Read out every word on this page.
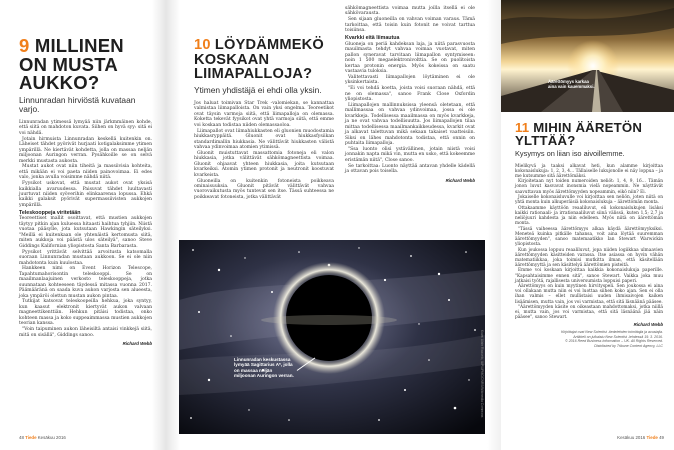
9 MILLINEN ON MUSTA AUKKO?
Linnunradan hirviöstä kuvataan varjo.

Linnunradan ytimessä lymyää niin järkmmäinen kohde, että siitä on mahdoton kuvata. Siihen on hyvä syy: sitä ei voi nähdä.

Jotain hirmuista Linnunradan keskellä kuitenkin on. Läheiset tähdet pyörivät hurjaati kotigalaksimme ytimen ympärillä. Ne kiertävät kohdetta, jolla on massaa neljän miljoonan Auringon verran. Pysähkoille se on selvä merkki mustasta aukosta.

Mustat aukot ovat niin tiheitä ja massiivisia kohteita, että mikään ei voi paeta niiden painovoimaa. Ei edes valo, jonka avulla voisimme nähdä niitä.

Fyysikot uskovat, että mustat aukot ovat yksisä kaikkialla avaruudessa. Paisuvat tähdet luultavasti juurtuvat niiden syöverihin elinkaarensa lopussa. Ehkä kaikki galaksit pyörivät supermassiivisten aukkojen ympärillä.

Teleskooppeja viritetään

Teoreettiset mallit osoittavat, että mustien aukkojen täytyy pitkin ajan kuluessa hitaasti haihtua tyhjiin. Niistä vuotaa pääsylle, jota kutsutaan Hawkingin säteilyksi. "Meillä ei kuitenkaan ole yhtenäistä kertomusta siitä, miten aukkoja voi päästä ulos säteilyä", sanoo Steve Giddings Kalifornian yliopistosta Santa Barbarasta.

Pyysikot yrittävät selvittää arvoitusta katsomalla suoraan Linnunradan mustaan aukkoon. Se ei ole niin mahdotonta kuin kuulostaa.

Hankkeen nimi on Event Horizon Telescope, Tapahtumahorisontin teleskooppi. Se on maailmanlaajuinen verkosto teleskooppeja, jotka suunnataan kohteeseen täydessä mitassa vuonna 2017. Päämääränä on saada kuva aukon varjosta sen alueesta, joka ympäröi olettun mustan aukon pintaa.

Tutkijat katsovat teleskoopeilla hehkua, joka syntyy, kun kaasut elektronit kiertyvät aukon valvaan magneettikenttiän. Hehkun pitäisi todistaa, onko kohteen massa ja koko suppeaimmassa mustien aukkojen teorian kanssa.

"Voin taipuminen aukon läheisiltä antaisi vinkkejä siitä, mitä on sisällä", Giddings sanoo.

Richard Webb
48 Tiede Kesäkuu 2016
10 LÖYDÄMMEKÖ KOSKAAN LIIMAPALLOJA?
Ytimen yhdistäjä ei ehdi olla yksin.

Jos haluat toimivan Star Trek -valomiekan, se kannattaa valmistaa liimapalloista. On vain yksi ongelma. Teoreetikot ovat täysin varmoja siitä, että liimapalloja on olemassa. Koketta tekevät fyysikot ovat yhtä varmoja siitä, että emme voi koskaan todistaa niiden olemassaoloa.

Liimapallot ovat liimahiukkasten eli gluonien muodostamia hiukkasryppäitä. Gluonit ovat hiukkasfysiikan standardimallin hiukkasia. Ne välittävät hiukkasten välistä vahvaa ydinvoimaa atomien ytimissä.

Gluonit muistuttavat massattomia fotoneja eli valon hiukkasia, jotka välittävät sähkömagneettista voimaa. Gluonit ohjaavat yhteen hiukkasia, joita kutsutaan kvarkeiksi. Atomin ytimen protonit ja neutronit koostuvat kvarkeista.

Gluoneilla on kuitenkin fotoneista poikkeava ominaisuuksia. Gluonit pitävät välittävät vahvaa vuorovaikutusta myös tuntevat sen itse. Tässä suhteessa ne poikkeavat fotoneista, jotka välittävät

sähkömagneettista voimaa mutta joilla itsellä ei ole sähkövarausta.

Sen sijaan gluoneilla on vahvan voiman varaus. Tämä tarkoittaa, että toisin kuin fotonit ne voivat tarttua toisiinsa.

Kvarkki eitä liimautua

Gluoneja on periä kahdeksan laja, ja niitä parasvuosta mauilmasta tehdyt vahvaa voimaa vuotavat, miten pallon syneravat tarvitaan liimapallon syntymiseen: noin 1 500 megaelektronivolttia. Se on puolitoista kertaa protonin energia. Myös kokeissa on saatu vastaavia tuloksia.

Valitettavasti liimapallojen löytäminen ei ole yksinkertaista.

"Ei voi tehdä koetta, joista voisi suoraan nähdä, että ne on olemassa", sanoo Frank Close Oxfordin yliopistosta.

Liimapallojen mallinnuksissa yleensä oletetaan, että mallimassaa on vahvaa ydinvoimaa, jossa ei ole kvarkkeja. Todellisessa maailmassa on myös kvarkkeja, ja ne ovat vahvaa todellisuutta. Jos liimapallojen tilaa mittaa todellisessa maailmankaikkeudessa, kvarkit ovat ja alkavat talettuvan mikä sekaan takaiset vaatteisiin. Siksi on lähes mahdotonta todistaa, että onnin on puhtaita liimapalloja.

"Ssa luonto olisi ystävällinen, jotain niistä voisi jonnakin napta mikä vin, mutta en usko, että kokeemme eristämän niitä", Close sanoo.

Se tarkoittaa: Luonto näyttää antavan yhdelle kädellä ja ottavan pois toisella.

Richard Webb
Linnunradan keskustassa lymyää Sagittarius A*, jolla on massaa neljän miljoonan Auringon verran.	Kuva: Alain Riazuelo, IAP/UPMC/CNRS/Wikimedia Commons
Äärettömyys karkaa aina vain kauemmaksi.
11 MIHIN ÄÄRETÖN YLTTÄÄ?
Kysymys on liian iso aivoillemme.

Mielikyvä ja taaksi alkavat heti, kun alamme kirjoittaa kokonaislukuja: 1, 2, 3, 4... Tällaiselle lukujonolle ei näy loppua – ja me kutsumme sitä äärettömäksi.

Kirjoitetaan nyt toiden numeroiden neliöt: 1, 4, 9, 16... Tämän jonon luvut kasvavat inonsmia vielä nopeammin. Ne näyttävät saavuttavan myös äärettömyyden nopeammin, eikö niin? Ei.

Jokaiselle kokonaisluvulle voi kirjoittaa sen neliön, joten niitä on yhtä monta kuin alkuperäisiä kokonaislukuja – äärettömän monta.

Ottakaamme käyttöön reaaliluvut, eli kokonaislukujen lisäksi kaikki rationaali- ja irrationaaliluvut siinä välissä, kuten 1,5; 2,7 ja neliöjuuri kahdesta ja niin edelleen. Myös niitä on äärettömän monta.

"Tässä vaiheessa äärettömyys alkaa käydä äärettömyyksiksi. Meneteä kuinka pitkälle tahansa, voit aina löytää suuremman äärettömyyden", sanoo matemaatikko Ian Stewart Warwickin yliopistosta.

Kun joukossa loppuu reaaliluvut, jopa niiden logiikkaa ulmaavien äärettömyyden käsitteiden varassa. Itse asiassa on hyvin vähän matematiikkaa, joka toimisi mutkitta ilman, että käsitellään äärettömyyttä ja sen käsittelyä äärettömien pisteitä.

Emme voi koskaan kirjoittaa kaikkia kokonaislukuja paperille. "Kapsahtaisimme ennen sitä", sanoo Stewart. Vaikka joka muu jatkaisi työtä, rajallisesta universumista loppuisi paperi.

Äärettömyys on kuin myytinen hirvityspeli. Sen joukossa ei aina voi ollakaan mutta niin ei voi luottaa siihen koko ajan. Sen ei olla ihan valmis – ellet mullistaisi uuden ihmisaivojen kaiken lisäämisen, mutta vain, jos voi varmistaa, että sitä läsnäänä pääsee.

"Äärettömyyden käsite on oikeastaan mahdottomaksi, jotka niillä ei, mutta vain, jos voi varmistaa, että sitä läsnäänä jää näin pääsee", sanoo Stewart.

Richard Webb
Kirjoittajat ovat New Scientist -tiedelehden toimittajia ja avustajia.
Artikkeli on julkaistu New Scientist -lehdessä 19. 3. 2016.
© 2016 Reed Business Information – UK. All Rights Reserved.
Distributed by Tribune Content Agency, LLC
Kesäkuu 2016 Tiede 49
